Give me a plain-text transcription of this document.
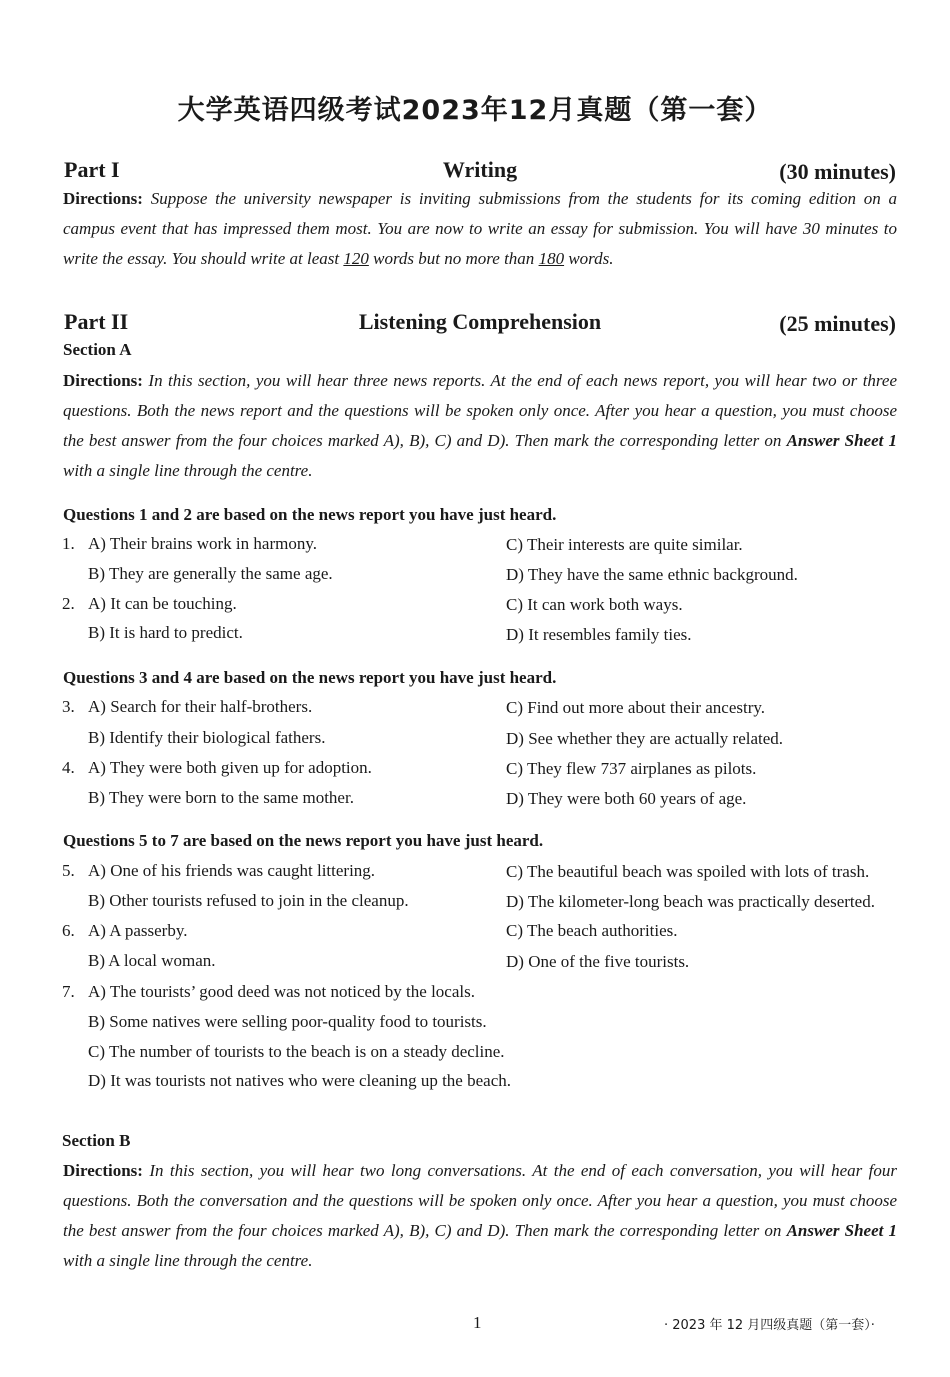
大学英语四级考试2023年12月真题（第一套）
Part I	Writing	(30 minutes)
Directions: Suppose the university newspaper is inviting submissions from the students for its coming edition on a campus event that has impressed them most. You are now to write an essay for submission. You will have 30 minutes to write the essay. You should write at least 120 words but no more than 180 words.
Part II	Listening Comprehension	(25 minutes)
Section A
Directions: In this section, you will hear three news reports. At the end of each news report, you will hear two or three questions. Both the news report and the questions will be spoken only once. After you hear a question, you must choose the best answer from the four choices marked A), B), C) and D). Then mark the corresponding letter on Answer Sheet 1 with a single line through the centre.
Questions 1 and 2 are based on the news report you have just heard.
1. A) Their brains work in harmony.	C) Their interests are quite similar.
B) They are generally the same age.	D) They have the same ethnic background.
2. A) It can be touching.	C) It can work both ways.
B) It is hard to predict.	D) It resembles family ties.
Questions 3 and 4 are based on the news report you have just heard.
3. A) Search for their half-brothers.	C) Find out more about their ancestry.
B) Identify their biological fathers.	D) See whether they are actually related.
4. A) They were both given up for adoption.	C) They flew 737 airplanes as pilots.
B) They were born to the same mother.	D) They were both 60 years of age.
Questions 5 to 7 are based on the news report you have just heard.
5. A) One of his friends was caught littering.	C) The beautiful beach was spoiled with lots of trash.
B) Other tourists refused to join in the cleanup.	D) The kilometer-long beach was practically deserted.
6. A) A passerby.	C) The beach authorities.
B) A local woman.	D) One of the five tourists.
7. A) The tourists’ good deed was not noticed by the locals.
B) Some natives were selling poor-quality food to tourists.
C) The number of tourists to the beach is on a steady decline.
D) It was tourists not natives who were cleaning up the beach.
Section B
Directions: In this section, you will hear two long conversations. At the end of each conversation, you will hear four questions. Both the conversation and the questions will be spoken only once. After you hear a question, you must choose the best answer from the four choices marked A), B), C) and D). Then mark the corresponding letter on Answer Sheet 1 with a single line through the centre.
1	· 2023 年 12 月四级真题（第一套）·
